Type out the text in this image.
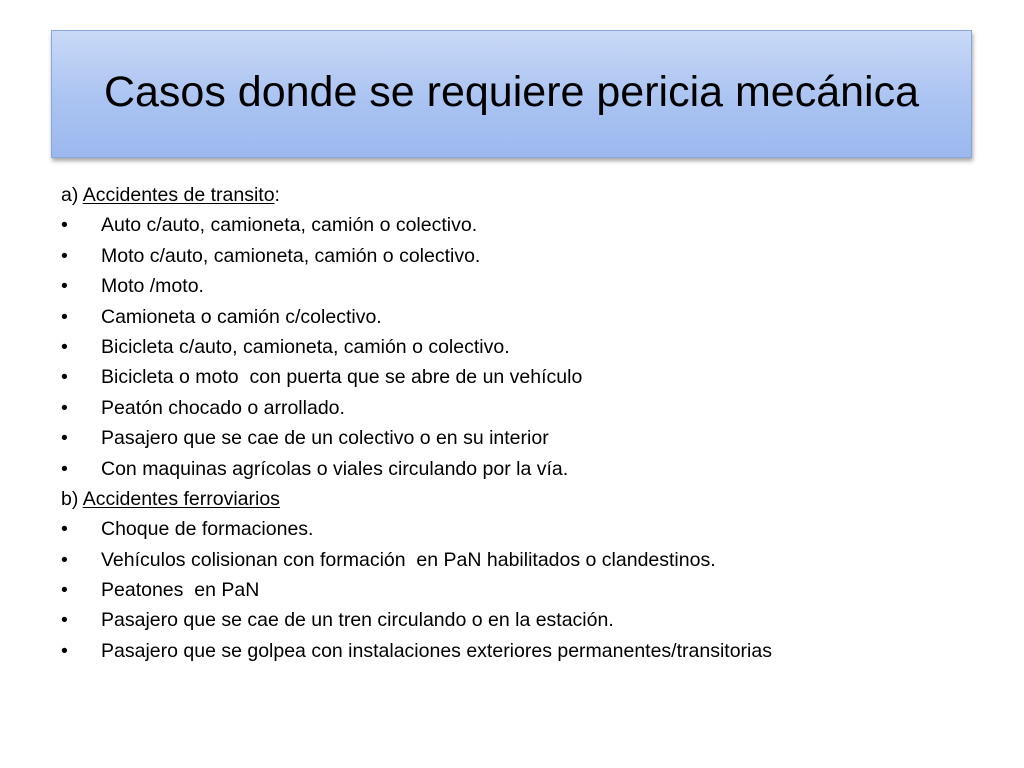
Casos donde se requiere pericia mecánica
a) Accidentes de transito:
•	Auto c/auto, camioneta, camión o colectivo.
•	Moto c/auto, camioneta, camión o colectivo.
•	Moto /moto.
•	Camioneta o camión c/colectivo.
•	Bicicleta c/auto, camioneta, camión o colectivo.
•	Bicicleta o moto  con puerta que se abre de un vehículo
•	Peatón chocado o arrollado.
•	Pasajero que se cae de un colectivo o en su interior
•	Con maquinas agrícolas o viales circulando por la vía.
b) Accidentes ferroviarios
•	Choque de formaciones.
•	Vehículos colisionan con formación  en PaN habilitados o clandestinos.
•	Peatones  en PaN
•	Pasajero que se cae de un tren circulando o en la estación.
•	Pasajero que se golpea con instalaciones exteriores permanentes/transitorias
